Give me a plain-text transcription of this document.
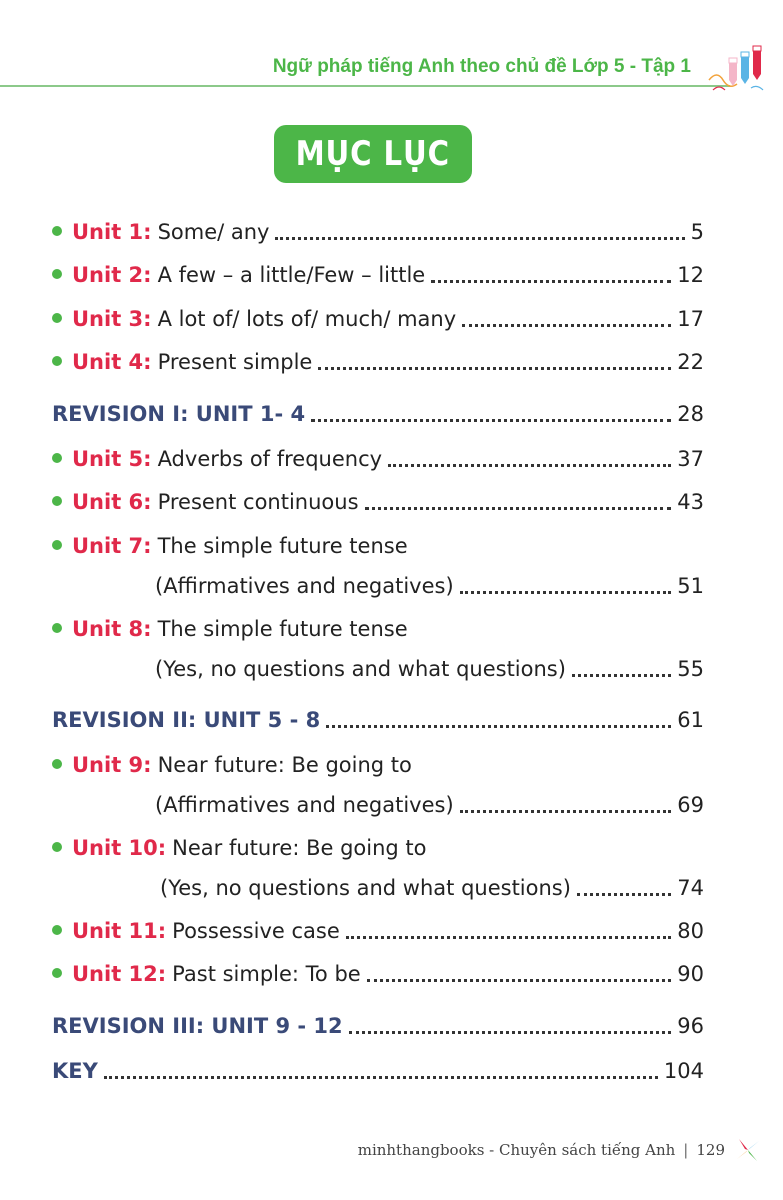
Ngữ pháp tiếng Anh theo chủ đề Lớp 5 - Tập 1
MỤC LỤC
Unit 1: Some/ any	5
Unit 2: A few – a little/Few – little	12
Unit 3: A lot of/ lots of/ much/ many	17
Unit 4: Present simple	22
REVISION I: UNIT 1- 4	28
Unit 5: Adverbs of frequency	37
Unit 6: Present continuous	43
Unit 7: The simple future tense
(Affirmatives and negatives)	51
Unit 8: The simple future tense
(Yes, no questions and what questions)	55
REVISION II: UNIT 5 - 8	61
Unit 9: Near future: Be going to
(Affirmatives and negatives)	69
Unit 10: Near future: Be going to
(Yes, no questions and what questions)	74
Unit 11: Possessive case	80
Unit 12: Past simple: To be	90
REVISION III: UNIT 9 - 12	96
KEY	104
minhthangbooks - Chuyên sách tiếng Anh | 129
